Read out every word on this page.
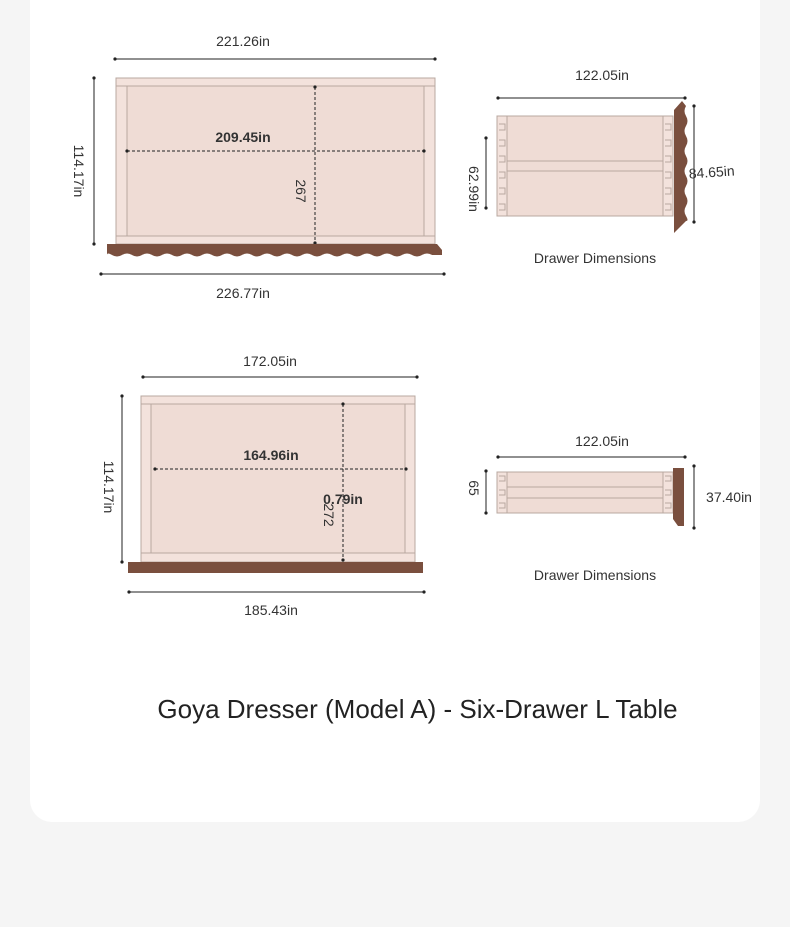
221.26in
114.17in
209.45in
267
226.77in
122.05in
62.99in	84.65in
Drawer Dimensions
172.05in
114.17in
164.96in
272
0.79in
185.43in
122.05in
65
37.40in
Drawer Dimensions
Goya Dresser (Model A) - Six-Drawer L Table
